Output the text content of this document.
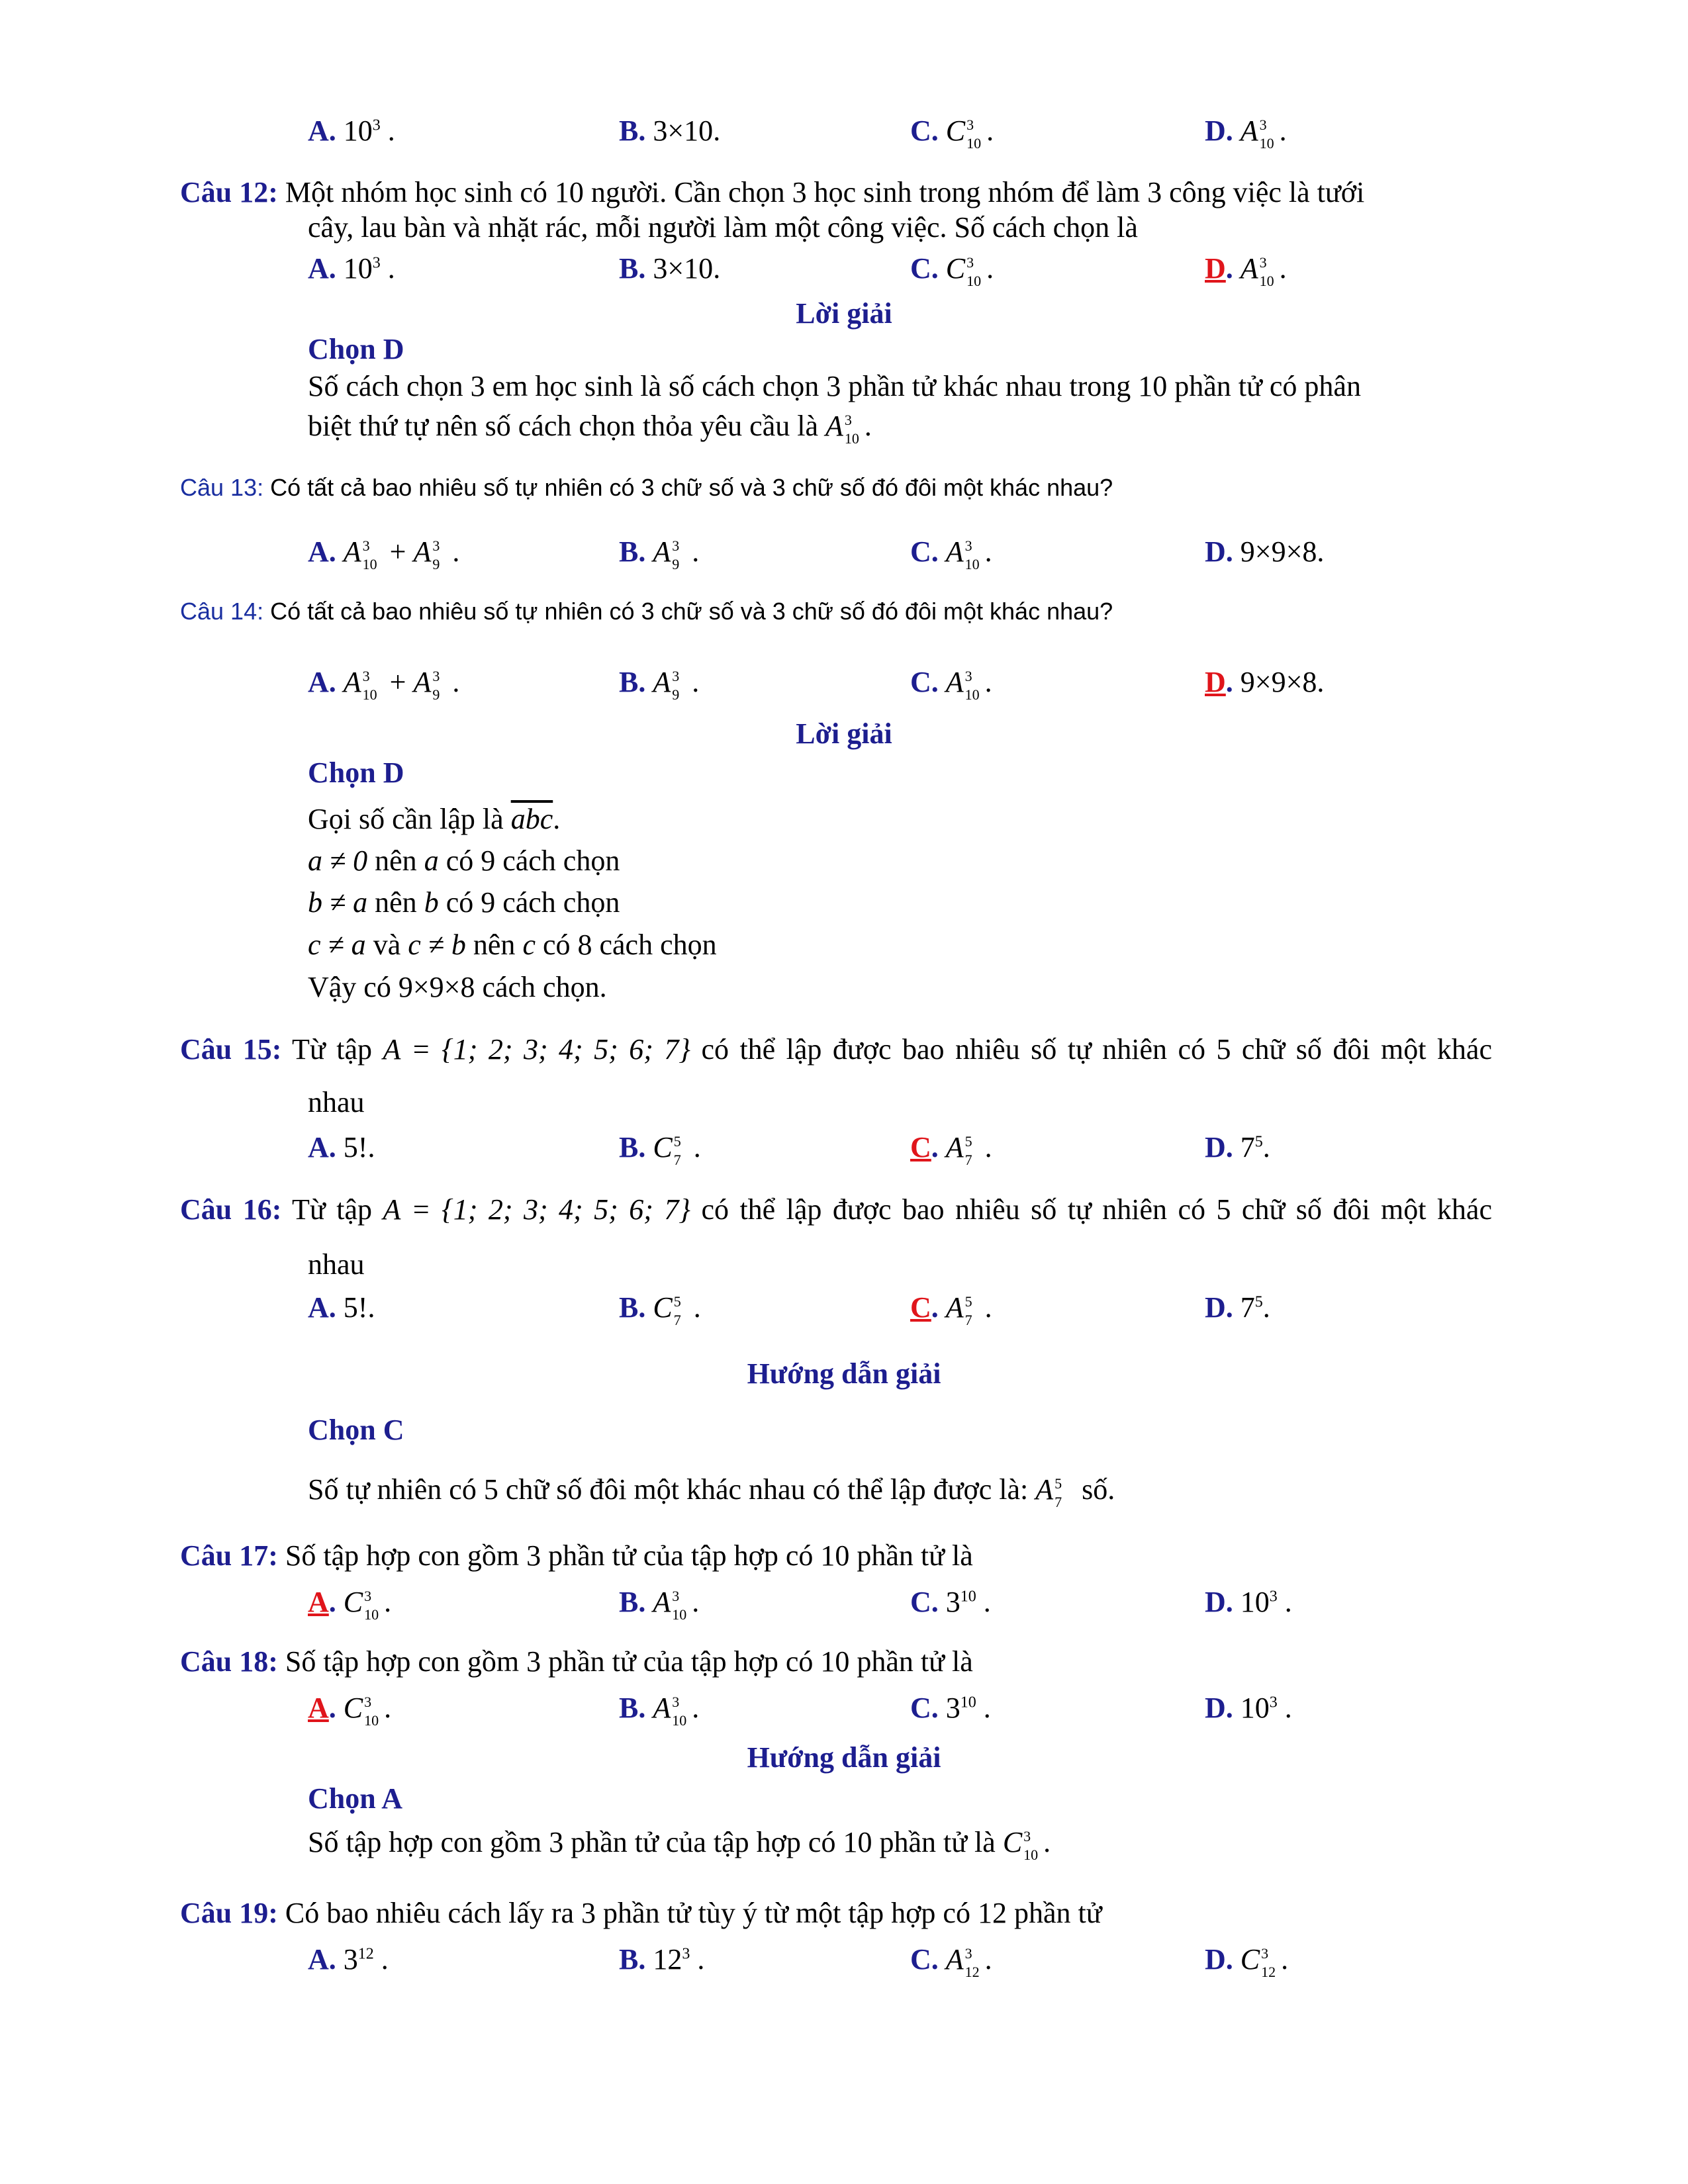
A. $10^3$ .	B. 3×10.	C. C 3
10 .	D. A 3
10 .
Câu 12: Một nhóm học sinh có 10 người. Cần chọn 3 học sinh trong nhóm để làm 3 công việc là tưới
cây, lau bàn và nhặt rác, mỗi người làm một công việc. Số cách chọn là
A. $10^3$ .	B. 3×10.	C. C 3
10 .	D. A 3
10 .
Lời giải
Chọn D
Số cách chọn 3 em học sinh là số cách chọn 3 phần tử khác nhau trong 10 phần tử có phân
biệt thứ tự nên số cách chọn thỏa yêu cầu là A 3
10 .
Câu 13: Có tất cả bao nhiêu số tự nhiên có 3 chữ số và 3 chữ số đó đôi một khác nhau?
A. A 3
10 + A 3
9 .	B. A 3
9 .	C. A 3
10 .	D. 9×9×8.
Câu 14: Có tất cả bao nhiêu số tự nhiên có 3 chữ số và 3 chữ số đó đôi một khác nhau?
A. A 3
10 + A 3
9 .	B. A 3
9 .	C. A 3
10 .	D. 9×9×8.
Lời giải
Chọn D
Gọi số cần lập là $\overline{abc}$.
a ≠ 0 nên a có 9 cách chọn
b ≠ a nên b có 9 cách chọn
c ≠ a và c ≠ b nên c có 8 cách chọn
Vậy có 9×9×8 cách chọn.
Câu 15: Từ tập A = {1; 2; 3; 4; 5; 6; 7} có thể lập được bao nhiêu số tự nhiên có 5 chữ số đôi một khác
nhau
A. 5!.	B. C 5
7 .	C. A 5
7 .	D. $7^5$.
Câu 16: Từ tập A = {1; 2; 3; 4; 5; 6; 7} có thể lập được bao nhiêu số tự nhiên có 5 chữ số đôi một khác
nhau
A. 5!.	B. C 5
7 .	C. A 5
7 .	D. $7^5$.
Hướng dẫn giải
Chọn C
Số tự nhiên có 5 chữ số đôi một khác nhau có thể lập được là: A 5
7 số.
Câu 17: Số tập hợp con gồm 3 phần tử của tập hợp có 10 phần tử là
A. C 3
10 .	B. A 3
10 .	C. $3^{10}$ .	D. $10^3$ .
Câu 18: Số tập hợp con gồm 3 phần tử của tập hợp có 10 phần tử là
A. C 3
10 .	B. A 3
10 .	C. $3^{10}$ .	D. $10^3$ .
Hướng dẫn giải
Chọn A
Số tập hợp con gồm 3 phần tử của tập hợp có 10 phần tử là C 3
10 .
Câu 19: Có bao nhiêu cách lấy ra 3 phần tử tùy ý từ một tập hợp có 12 phần tử
A. $3^{12}$ .	B. $12^3$ .	C. A 3
12 .	D. C 3
12 .
